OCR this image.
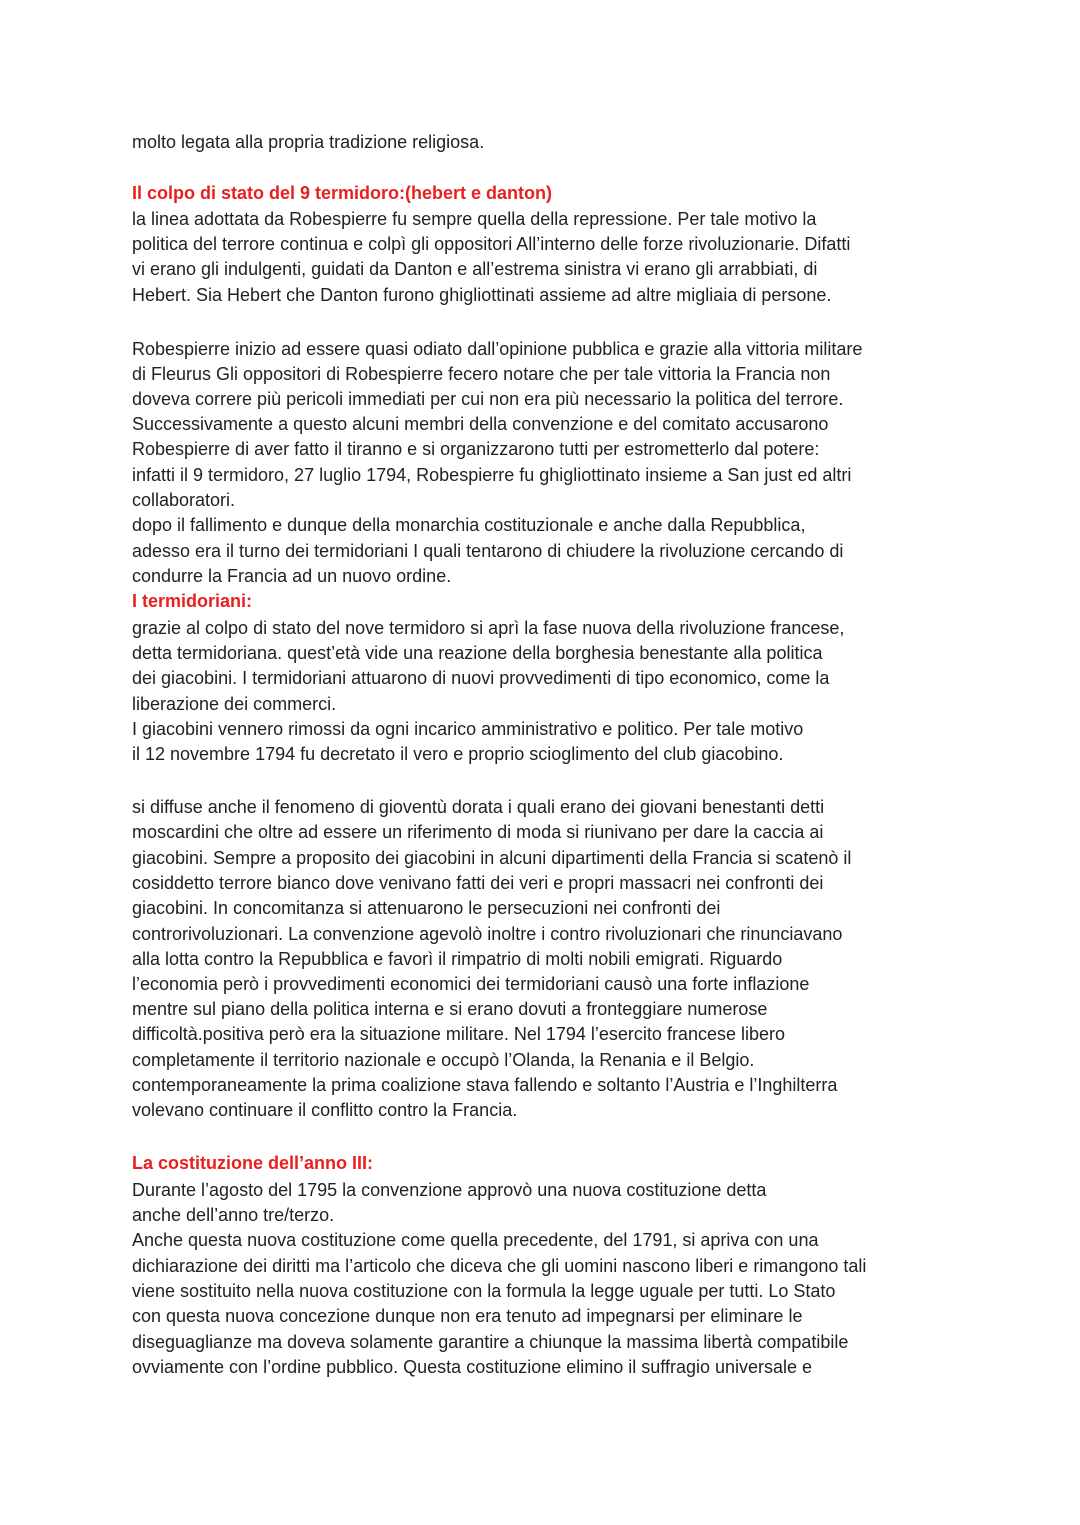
molto legata alla propria tradizione religiosa.
Il colpo di stato del 9 termidoro:(hebert e danton)
la linea adottata da Robespierre fu sempre quella della repressione. Per tale motivo la
politica del terrore continua e colpì gli oppositori All’interno delle forze rivoluzionarie. Difatti
vi erano gli indulgenti, guidati da Danton e all’estrema sinistra vi erano gli arrabbiati, di
Hebert. Sia Hebert che Danton furono ghigliottinati assieme ad altre migliaia di persone.
Robespierre inizio ad essere quasi odiato dall’opinione pubblica e grazie alla vittoria militare
di Fleurus Gli oppositori di Robespierre fecero notare che per tale vittoria la Francia non
doveva correre più pericoli immediati per cui non era più necessario la politica del terrore.
Successivamente a questo alcuni membri della convenzione e del comitato accusarono
Robespierre di aver fatto il tiranno e si organizzarono tutti per estrometterlo dal potere:
infatti il 9 termidoro, 27 luglio 1794, Robespierre fu ghigliottinato insieme a San just ed altri
collaboratori.
dopo il fallimento e dunque della monarchia costituzionale e anche dalla Repubblica,
adesso era il turno dei termidoriani I quali tentarono di chiudere la rivoluzione cercando di
condurre la Francia ad un nuovo ordine.
I termidoriani:
grazie al colpo di stato del nove termidoro si aprì la fase nuova della rivoluzione francese,
detta termidoriana. quest’età vide una reazione della borghesia benestante alla politica
dei giacobini. I termidoriani attuarono di nuovi provvedimenti di tipo economico, come la
liberazione dei commerci.
I giacobini vennero rimossi da ogni incarico amministrativo e politico. Per tale motivo
il 12 novembre 1794 fu decretato il vero e proprio scioglimento del club giacobino.
si diffuse anche il fenomeno di gioventù dorata i quali erano dei giovani benestanti detti
moscardini che oltre ad essere un riferimento di moda si riunivano per dare la caccia ai
giacobini. Sempre a proposito dei giacobini in alcuni dipartimenti della Francia si scatenò il
cosiddetto terrore bianco dove venivano fatti dei veri e propri massacri nei confronti dei
giacobini. In concomitanza si attenuarono le persecuzioni nei confronti dei
controrivoluzionari. La convenzione agevolò inoltre i contro rivoluzionari che rinunciavano
alla lotta contro la Repubblica e favorì il rimpatrio di molti nobili emigrati. Riguardo
l’economia però i provvedimenti economici dei termidoriani causò una forte inflazione
mentre sul piano della politica interna e si erano dovuti a fronteggiare numerose
difficoltà.positiva però era la situazione militare. Nel 1794 l’esercito francese libero
completamente il territorio nazionale e occupò l’Olanda, la Renania e il Belgio.
contemporaneamente la prima coalizione stava fallendo e soltanto l’Austria e l’Inghilterra
volevano continuare il conflitto contro la Francia.
La costituzione dell’anno III:
Durante l’agosto del 1795 la convenzione approvò una nuova costituzione detta
anche dell’anno tre/terzo.
Anche questa nuova costituzione come quella precedente, del 1791, si apriva con una
dichiarazione dei diritti ma l’articolo che diceva che gli uomini nascono liberi e rimangono tali
viene sostituito nella nuova costituzione con la formula la legge uguale per tutti. Lo Stato
con questa nuova concezione dunque non era tenuto ad impegnarsi per eliminare le
diseguaglianze ma doveva solamente garantire a chiunque la massima libertà compatibile
ovviamente con l’ordine pubblico. Questa costituzione elimino il suffragio universale e
